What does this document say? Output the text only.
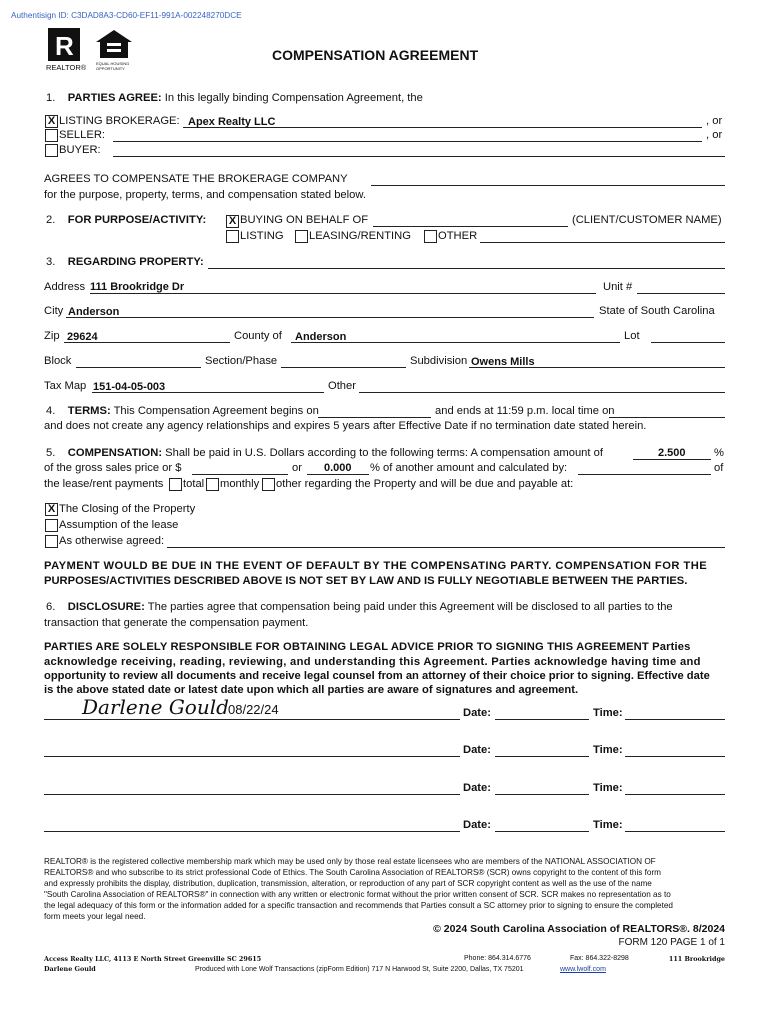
Authentisign ID: C3DAD8A3-CD60-EF11-991A-002248270DCE
R
REALTOR® EQUAL HOUSING
OPPORTUNITY
COMPENSATION AGREEMENT
1. PARTIES AGREE: In this legally binding Compensation Agreement, the
X LISTING BROKERAGE: Apex Realty LLC	, or
SELLER:	, or
BUYER:
AGREES TO COMPENSATE THE BROKERAGE COMPANY
for the purpose, property, terms, and compensation stated below.
2. FOR PURPOSE/ACTIVITY: X BUYING ON BEHALF OF	(CLIENT/CUSTOMER NAME)
LISTING LEASING/RENTING OTHER
3. REGARDING PROPERTY:
Address 111 Brookridge Dr	Unit #
City Anderson	State of South Carolina
Zip 29624	County of Anderson	Lot
Block	Section/Phase	Subdivision Owens Mills
Tax Map 151-04-05-003	Other
4. TERMS: This Compensation Agreement begins on	and ends at 11:59 p.m. local time on
and does not create any agency relationships and expires 5 years after Effective Date if no termination date stated herein.
5. COMPENSATION: Shall be paid in U.S. Dollars according to the following terms: A compensation amount of	2.500	%
of the gross sales price or $	or 0.000 % of another amount and calculated by:	of
the lease/rent payments total monthly other regarding the Property and will be due and payable at:
X The Closing of the Property
Assumption of the lease
As otherwise agreed:
PAYMENT WOULD BE DUE IN THE EVENT OF DEFAULT BY THE COMPENSATING PARTY. COMPENSATION FOR THE
PURPOSES/ACTIVITIES DESCRIBED ABOVE IS NOT SET BY LAW AND IS FULLY NEGOTIABLE BETWEEN THE PARTIES.
6. DISCLOSURE: The parties agree that compensation being paid under this Agreement will be disclosed to all parties to the
transaction that generate the compensation payment.
PARTIES ARE SOLELY RESPONSIBLE FOR OBTAINING LEGAL ADVICE PRIOR TO SIGNING THIS AGREEMENT Parties
acknowledge receiving, reading, reviewing, and understanding this Agreement. Parties acknowledge having time and
opportunity to review all documents and receive legal counsel from an attorney of their choice prior to signing. Effective date
is the above stated date or latest date upon which all parties are aware of signatures and agreement.
Darlene Gould 08/22/24	Date:	Time:
Date:	Time:
Date:	Time:
Date:	Time:
REALTOR® is the registered collective membership mark which may be used only by those real estate licensees who are members of the NATIONAL ASSOCIATION OF
REALTORS® and who subscribe to its strict professional Code of Ethics. The South Carolina Association of REALTORS® (SCR) owns copyright to the content of this form
and expressly prohibits the display, distribution, duplication, transmission, alteration, or reproduction of any part of SCR copyright content as well as the use of the name
"South Carolina Association of REALTORS®" in connection with any written or electronic format without the prior written consent of SCR. SCR makes no representation as to
the legal adequacy of this form or the information added for a specific transaction and recommends that Parties consult a SC attorney prior to signing to ensure the completed
form meets your legal need.
© 2024 South Carolina Association of REALTORS®. 8/2024
FORM 120 PAGE 1 of 1
Access Realty LLC, 4113 E North Street Greenville SC 29615	Phone: 864.314.6776	Fax: 864.322-8298	111 Brookridge
Darlene Gould	Produced with Lone Wolf Transactions (zipForm Edition) 717 N Harwood St, Suite 2200, Dallas, TX 75201	www.lwolf.com
